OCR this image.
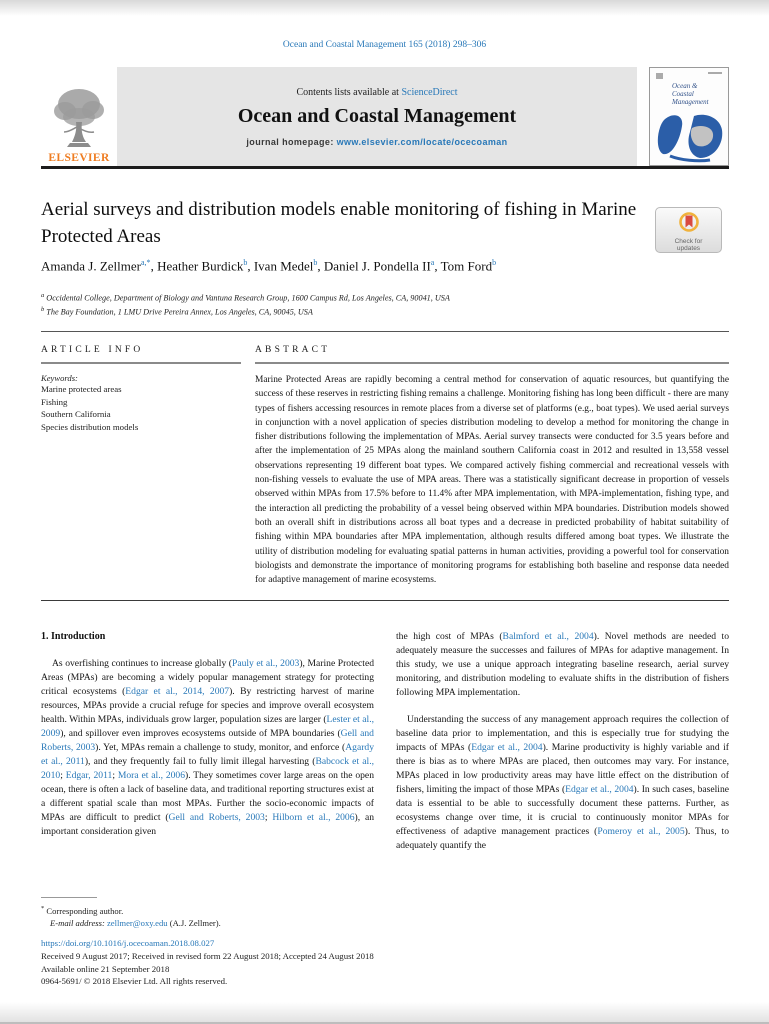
Ocean and Coastal Management 165 (2018) 298–306
ELSEVIER
Contents lists available at ScienceDirect
Ocean and Coastal Management
journal homepage: www.elsevier.com/locate/ocecoaman
Ocean &
Coastal
Management
Aerial surveys and distribution models enable monitoring of fishing in Marine Protected Areas	Check for
updates
Amanda J. Zellmer$^{a,*}$, Heather Burdick$^b$, Ivan Medel$^b$, Daniel J. Pondella $II^a$, Tom Ford$^b$
$^a$ Occidental College, Department of Biology and Vantuna Research Group, 1600 Campus Rd, Los Angeles, CA, 90041, USA
$^b$ The Bay Foundation, 1 LMU Drive Pereira Annex, Los Angeles, CA, 90045, USA
ARTICLE INFO
Keywords:
Marine protected areas
Fishing
Southern California
Species distribution models
ABSTRACT
Marine Protected Areas are rapidly becoming a central method for conservation of aquatic resources, but quantifying the success of these reserves in restricting fishing remains a challenge. Monitoring fishing has long been difficult - there are many types of fishers accessing resources in remote places from a diverse set of platforms (e.g., boat types). We used aerial surveys in conjunction with a novel application of species distribution modeling to develop a method for monitoring the change in fisher distributions following the implementation of MPAs. Aerial survey transects were conducted for 3.5 years before and after the implementation of 25 MPAs along the mainland southern California coast in 2012 and resulted in 13,558 vessel observations representing 19 different boat types. We compared actively fishing commercial and recreational vessels with non-fishing vessels to evaluate the use of MPA areas. There was a statistically significant decrease in proportion of vessels observed within MPAs from 17.5% before to 11.4% after MPA implementation, with MPA-implementation, fishing type, and the interaction all predicting the probability of a vessel being observed within MPA boundaries. Distribution models showed both an overall shift in distributions across all boat types and a decrease in predicted probability of habitat suitability of fishing within MPA boundaries after MPA implementation, although results differed among boat types. We illustrate the utility of distribution modeling for evaluating spatial patterns in human activities, providing a powerful tool for conservation biologists and demonstrate the importance of monitoring programs for establishing both baseline and response data needed for adaptive management of marine ecosystems.
1. Introduction

As overfishing continues to increase globally (Pauly et al., 2003), Marine Protected Areas (MPAs) are becoming a widely popular management strategy for protecting critical ecosystems (Edgar et al., 2014, 2007). By restricting harvest of marine resources, MPAs provide a crucial refuge for species and improve overall ecosystem health. Within MPAs, individuals grow larger, population sizes are larger (Lester et al., 2009), and spillover even improves ecosystems outside of MPA boundaries (Gell and Roberts, 2003). Yet, MPAs remain a challenge to study, monitor, and enforce (Agardy et al., 2011), and they frequently fail to fully limit illegal harvesting (Babcock et al., 2010; Edgar, 2011; Mora et al., 2006). They sometimes cover large areas on the open ocean, there is often a lack of baseline data, and traditional reporting structures exist at a different spatial scale than most MPAs. Further the socio-economic impacts of MPAs are difficult to predict (Gell and Roberts, 2003; Hilborn et al., 2006), an important consideration given

the high cost of MPAs (Balmford et al., 2004). Novel methods are needed to adequately measure the successes and failures of MPAs for adaptive management. In this study, we use a unique approach integrating baseline research, aerial survey monitoring, and distribution modeling to evaluate shifts in the distribution of fishers following MPA implementation.

Understanding the success of any management approach requires the collection of baseline data prior to implementation, and this is especially true for studying the impacts of MPAs (Edgar et al., 2004). Marine productivity is highly variable and if there is bias as to where MPAs are placed, then outcomes may vary. For instance, MPAs placed in low productivity areas may have little effect on the distribution of fishers, limiting the impact of those MPAs (Edgar et al., 2004). In such cases, baseline data is essential to be able to successfully document these patterns. Further, as ecosystems change over time, it is crucial to continuously monitor MPAs for effectiveness of adaptive management practices (Pomeroy et al., 2005). Thus, to adequately quantify the

* Corresponding author.
E-mail address: zellmer@oxy.edu (A.J. Zellmer).
https://doi.org/10.1016/j.ocecoaman.2018.08.027
Received 9 August 2017; Received in revised form 22 August 2018; Accepted 24 August 2018
Available online 21 September 2018
0964-5691/ © 2018 Elsevier Ltd. All rights reserved.
